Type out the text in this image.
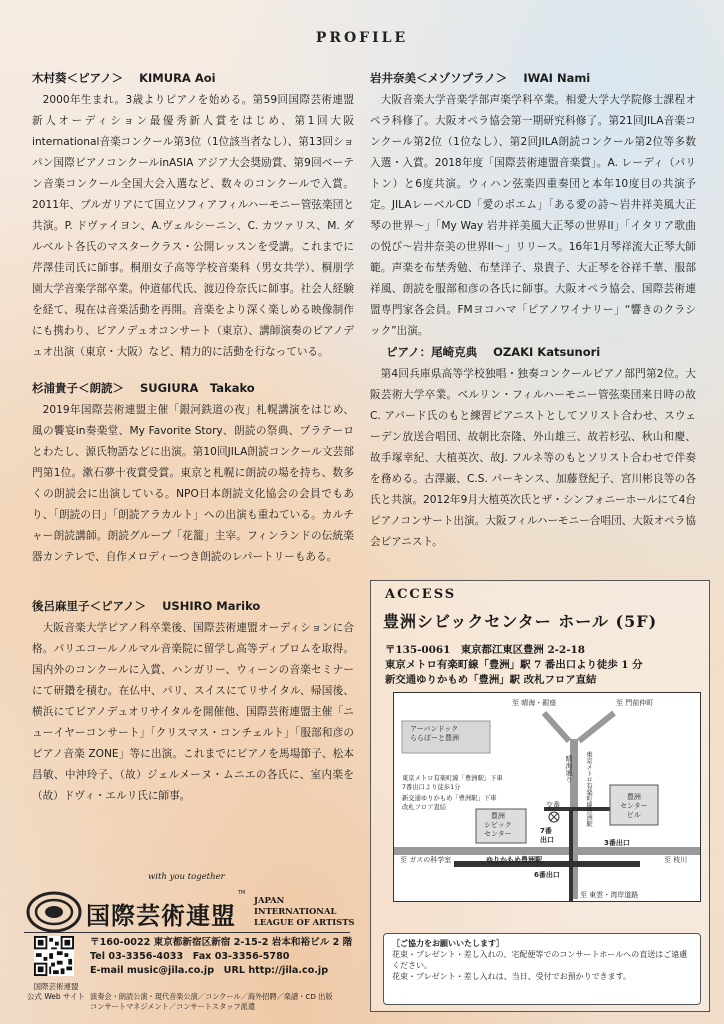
PROFILE
木村葵＜ピアノ＞ KIMURA Aoi

2000年生まれ。3歳よりピアノを始める。第59回国際芸術連盟新人オーディション最優秀新人賞をはじめ、第1回大阪international音楽コンクール第3位（1位該当者なし）、第13回ショパン国際ピアノコンクールinASIA アジア大会奨励賞、第9回ベーテン音楽コンクール全国大会入選など、数々のコンクールで入賞。2011年、ブルガリアにて国立ソフィアフィルハーモニー管弦楽団と共演。P. ドヴァイヨン、A.ヴェルシーニン、C. カツァリス、M. ダルベルト各氏のマスタークラス・公開レッスンを受講。これまでに芹澤佳司氏に師事。桐朋女子高等学校音楽科（男女共学）、桐朋学園大学音楽学部卒業。仲道郁代氏、渡辺伶奈氏に師事。社会人経験を経て、現在は音楽活動を再開。音楽をより深く楽しめる映像制作にも携わり、ピアノデュオコンサート（東京）、講師演奏のピアノデュオ出演（東京・大阪）など、精力的に活動を行なっている。

杉浦貴子＜朗読＞ SUGIURA　Takako

2019年国際芸術連盟主催「銀河鉄道の夜」札幌講演をはじめ、風の饗宴in奏楽堂、My Favorite Story、朗読の祭典、プラテーロとわたし、源氏物語などに出演。第10回JILA朗読コンクール文芸部門第1位。漱石夢十夜賞受賞。東京と札幌に朗読の場を持ち、数多くの朗読会に出演している。NPO日本朗読文化協会の会員でもあり、「朗読の日」「朗読アラカルト」への出演も重ねている。カルチャー朗読講師。朗読グループ「花籠」主宰。フィンランドの伝統楽器カンテレで、自作メロディーつき朗読のレパートリーもある。

後呂麻里子＜ピアノ＞ USHIRO Mariko

大阪音楽大学ピアノ科卒業後、国際芸術連盟オーディションに合格。パリエコールノルマル音楽院に留学し高等ディプロムを取得。国内外のコンクールに入賞、ハンガリー、ウィーンの音楽セミナーにて研鑽を積む。在仏中、パリ、スイスにてリサイタル、帰国後、横浜にてピアノデュオリサイタルを開催他、国際芸術連盟主催「ニューイヤーコンサート」「クリスマス・コンチェルト」「服部和彦のピアノ音楽 ZONE」等に出演。これまでにピアノを馬場節子、松本昌敏、中沖玲子、（故）ジェルメーヌ・ムニエの各氏に、室内楽を（故）ドヴィ・エルリ氏に師事。

岩井奈美＜メゾソプラノ＞ IWAI Nami

大阪音楽大学音楽学部声楽学科卒業。相愛大学大学院修士課程オペラ科修了。大阪オペラ協会第一期研究科修了。第21回JILA音楽コンクール第2位（1位なし）、第2回JILA朗読コンクール第2位等多数入選・入賞。2018年度「国際芸術連盟音楽賞」。A. レーディ（パリトン）と6度共演。ウィハン弦楽四重奏団と本年10度目の共演予定。JILAレーベルCD「愛のポエム」「ある愛の詩～岩井祥美風大正琴の世界～」「My Way 岩井祥美風大正琴の世界II」「イタリア歌曲の悦び～岩井奈美の世界II～」リリース。16年1月琴祥流大正琴大師範。声楽を布埜秀勉、布埜洋子、泉貴子、大正琴を谷祥千華、服部祥風、朗読を服部和彦の各氏に師事。大阪オペラ協会、国際芸術連盟専門家各会員。FMヨコハマ「ピアノワイナリー」“響きのクラシック”出演。

ピアノ：尾崎克典 OZAKI Katsunori

第4回兵庫県高等学校独唱・独奏コンクールピアノ部門第2位。大阪芸術大学卒業。ベルリン・フィルハーモニー管弦楽団来日時の故C. アバード氏のもと練習ピアニストとしてソリスト合わせ、スウェーデン放送合唱団、故朝比奈隆、外山雄三、故若杉弘、秋山和慶、故手塚幸紀、大植英次、故J. フルネ等のもとソリスト合わせで伴奏を務める。古澤巌、C.S. パーキンス、加藤登紀子、宮川彬良等の各氏と共演。2012年9月大植英次氏とザ・シンフォニーホールにて4台ピアノコンサート出演。大阪フィルハーモニー合唱団、大阪オペラ協会ピアニスト。

ACCESS
豊洲シビックセンター ホール (5F)
〒135-0061　東京都江東区豊洲 2-2-18
東京メトロ有楽町線「豊洲」駅 7 番出口より徒歩 1 分
新交通ゆりかもめ「豊洲」駅 改札フロア直結
至 晴海・銀座	至 門前仲町
アーバンドック
ららぽーと豊洲
晴海通り 東京メトロ有楽町線豊洲駅
東京メトロ有楽町線「豊洲駅」下車
7番出口より徒歩1分
新交通ゆりかもめ「豊洲駅」下車
改札フロア直結
豊洲
シビック
センター
交番
7番
出口	3番出口
6番出口
豊洲
センター
ビル
ゆりかもめ豊洲駅
至 ガスの科学室	至 枝川
至 東雲・湾岸道路
［ご協力をお願いいたします］
花束・プレゼント・差し入れの、宅配便等でのコンサートホールへの直送はご遠慮ください。
花束・プレゼント・差し入れは、当日、受付でお預かりできます。
with you together
国際芸術連盟
JAPAN INTERNATIONAL
LEAGUE OF ARTISTS
TM
国際芸術連盟
公式 Web サイト
〒160-0022 東京都新宿区新宿 2-15-2 岩本和裕ビル 2 階
Tel 03-3356-4033　Fax 03-3356-5780
E-mail music@jila.co.jp　URL http://jila.co.jp
演奏会・朗読公演・現代音楽公演／コンクール／海外招聘／楽譜・CD 出版
コンサートマネジメント／コンサートスタッフ派遣
